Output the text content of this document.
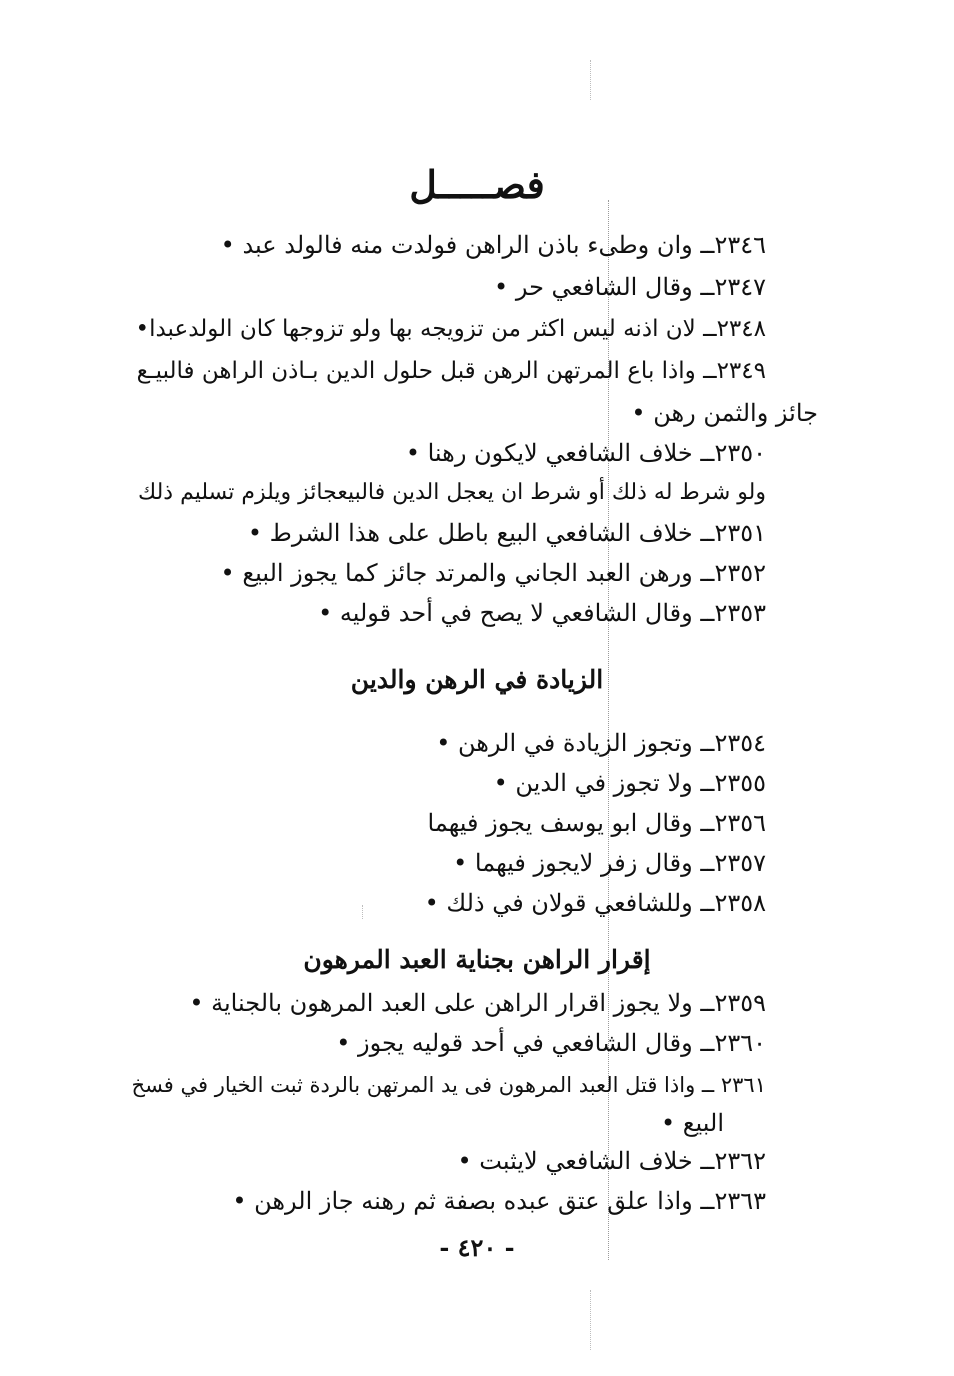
فصـــــل
٢٣٤٦ــ وان وطىء باذن الراهن فولدت منه فالولد عبد •
٢٣٤٧ــ وقال الشافعي حر •
٢٣٤٨ــ لان اذنه ليس اكثر من تزويجه بها ولو تزوجها كان الولدعبدا•
٢٣٤٩ــ واذا باع المرتهن الرهن قبل حلول الدين بـاذن الراهن فالبيـع
جائز والثمن رهن •
٢٣٥٠ــ خلاف الشافعي لايكون رهنا •
ولو شرط له ذلك أو شرط ان يعجل الدين فالبيعجائز ويلزم تسليم ذلك
٢٣٥١ــ خلاف الشافعي البيع باطل على هذا الشرط •
٢٣٥٢ــ ورهن العبد الجاني والمرتد جائز كما يجوز البيع •
٢٣٥٣ــ وقال الشافعي لا يصح في أحد قوليه •
الزيادة في الرهن والدين
٢٣٥٤ــ وتجوز الزيادة في الرهن •
٢٣٥٥ــ ولا تجوز في الدين •
٢٣٥٦ــ وقال ابو يوسف يجوز فيهما
٢٣٥٧ــ وقال زفر لايجوز فيهما •
٢٣٥٨ــ وللشافعي قولان في ذلك •
إقرار الراهن بجناية العبد المرهون
٢٣٥٩ــ ولا يجوز اقرار الراهن على العبد المرهون بالجناية •
٢٣٦٠ــ وقال الشافعي في أحد قوليه يجوز •
٢٣٦١ ــ واذا قتل العبد المرهون فى يد المرتهن بالردة ثبت الخيار في فسخ
البيع •
٢٣٦٢ــ خلاف الشافعي لايثبت •
٢٣٦٣ــ واذا علق عتق عبده بصفة ثم رهنه جاز الرهن •
- ٤٢٠ -
